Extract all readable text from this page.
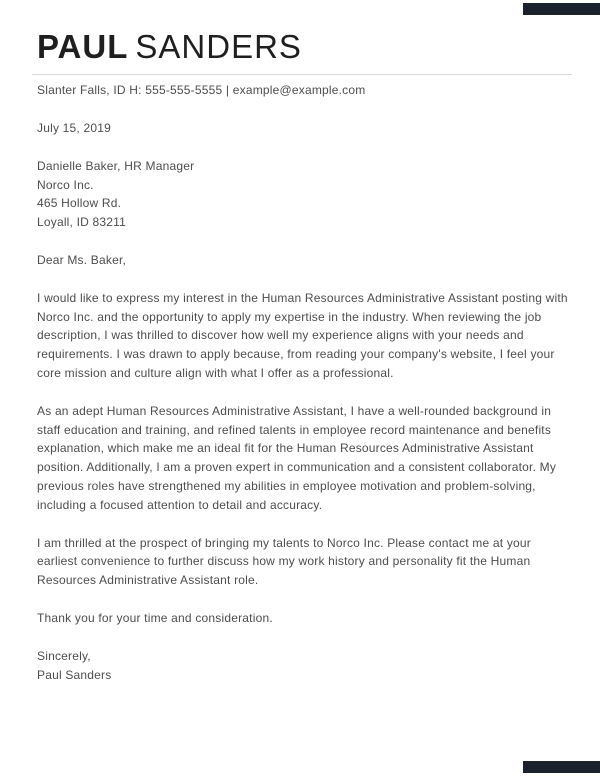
PAUL SANDERS
Slanter Falls, ID H: 555-555-5555 | example@example.com

July 15, 2019

Danielle Baker, HR Manager
Norco Inc.
465 Hollow Rd.
Loyall, ID 83211

Dear Ms. Baker,

I would like to express my interest in the Human Resources Administrative Assistant posting with Norco Inc. and the opportunity to apply my expertise in the industry. When reviewing the job description, I was thrilled to discover how well my experience aligns with your needs and requirements. I was drawn to apply because, from reading your company's website, I feel your core mission and culture align with what I offer as a professional.

As an adept Human Resources Administrative Assistant, I have a well-rounded background in staff education and training, and refined talents in employee record maintenance and benefits explanation, which make me an ideal fit for the Human Resources Administrative Assistant position. Additionally, I am a proven expert in communication and a consistent collaborator. My previous roles have strengthened my abilities in employee motivation and problem-solving, including a focused attention to detail and accuracy.

I am thrilled at the prospect of bringing my talents to Norco Inc. Please contact me at your earliest convenience to further discuss how my work history and personality fit the Human Resources Administrative Assistant role.

Thank you for your time and consideration.

Sincerely,
Paul Sanders
